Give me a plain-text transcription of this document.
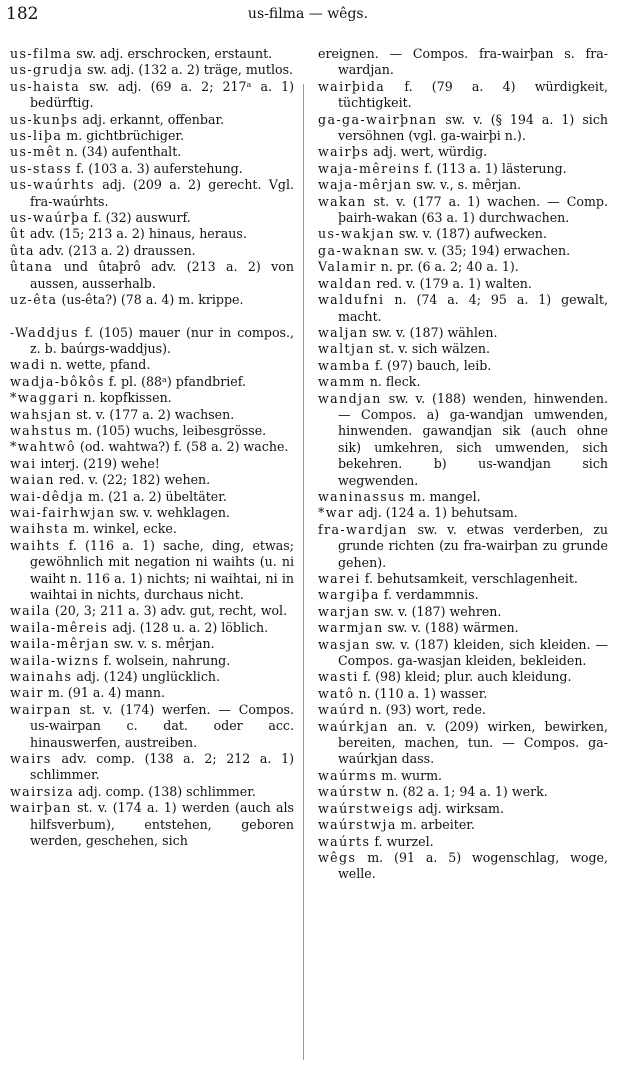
182	us-filma — wêgs.
us-filma sw. adj. erschrocken, erstaunt.
us-grudja sw. adj. (132 a. 2) träge, mutlos.
us-haista sw. adj. (69 a. 2; 217ᵃ a. 1) bedürftig.
us-kunþs adj. erkannt, offenbar.
us-liþa m. gichtbrüchiger.
us-mêt n. (34) aufenthalt.
us-stass f. (103 a. 3) auferstehung.
us-waúrhts adj. (209 a. 2) gerecht. Vgl. fra-waúrhts.
us-waúrþa f. (32) auswurf.
ût adv. (15; 213 a. 2) hinaus, heraus.
ûta adv. (213 a. 2) draussen.
ûtana und ûtaþrô adv. (213 a. 2) von aussen, ausserhalb.
uz-êta (us-êta?) (78 a. 4) m. krippe.
-Waddjus f. (105) mauer (nur in compos., z. b. baúrgs-waddjus).
wadi n. wette, pfand.
wadja-bôkôs f. pl. (88ᵃ) pfandbrief.
*waggari n. kopfkissen.
wahsjan st. v. (177 a. 2) wachsen.
wahstus m. (105) wuchs, leibesgrösse.
*wahtwô (od. wahtwa?) f. (58 a. 2) wache.
wai interj. (219) wehe!
waian red. v. (22; 182) wehen.
wai-dêdja m. (21 a. 2) übeltäter.
wai-fairhwjan sw. v. wehklagen.
waihsta m. winkel, ecke.
waihts f. (116 a. 1) sache, ding, etwas; gewöhnlich mit negation ni waihts (u. ni waiht n. 116 a. 1) nichts; ni waihtai, ni in waihtai in nichts, durchaus nicht.
waila (20, 3; 211 a. 3) adv. gut, recht, wol.
waila-mêreis adj. (128 u. a. 2) löblich.
waila-mêrjan sw. v. s. mêrjan.
waila-wizns f. wolsein, nahrung.
wainahs adj. (124) unglücklich.
wair m. (91 a. 4) mann.
wairpan st. v. (174) werfen. — Compos. us-wairpan c. dat. oder acc. hinauswerfen, austreiben.
wairs adv. comp. (138 a. 2; 212 a. 1) schlimmer.
wairsiza adj. comp. (138) schlimmer.
wairþan st. v. (174 a. 1) werden (auch als hilfsverbum), entstehen, geboren werden, geschehen, sich
ereignen. — Compos. fra-wairþan s. fra-wardjan.
wairþida f. (79 a. 4) würdigkeit, tüchtigkeit.
ga-ga-wairþnan sw. v. (§ 194 a. 1) sich versöhnen (vgl. ga-wairþi n.).
wairþs adj. wert, würdig.
waja-mêreins f. (113 a. 1) lästerung.
waja-mêrjan sw. v., s. mêrjan.
wakan st. v. (177 a. 1) wachen. — Comp. þairh-wakan (63 a. 1) durchwachen.
us-wakjan sw. v. (187) aufwecken.
ga-waknan sw. v. (35; 194) erwachen.
Valamir n. pr. (6 a. 2; 40 a. 1).
waldan red. v. (179 a. 1) walten.
waldufni n. (74 a. 4; 95 a. 1) gewalt, macht.
waljan sw. v. (187) wählen.
waltjan st. v. sich wälzen.
wamba f. (97) bauch, leib.
wamm n. fleck.
wandjan sw. v. (188) wenden, hinwenden. — Compos. a) ga-wandjan umwenden, hinwenden. gawandjan sik (auch ohne sik) umkehren, sich umwenden, sich bekehren. b) us-wandjan sich wegwenden.
waninassus m. mangel.
*war adj. (124 a. 1) behutsam.
fra-wardjan sw. v. etwas verderben, zu grunde richten (zu fra-wairþan zu grunde gehen).
warei f. behutsamkeit, verschlagenheit.
wargiþa f. verdammnis.
warjan sw. v. (187) wehren.
warmjan sw. v. (188) wärmen.
wasjan sw. v. (187) kleiden, sich kleiden. — Compos. ga-wasjan kleiden, bekleiden.
wasti f. (98) kleid; plur. auch kleidung.
watô n. (110 a. 1) wasser.
waúrd n. (93) wort, rede.
waúrkjan an. v. (209) wirken, bewirken, bereiten, machen, tun. — Compos. ga-waúrkjan dass.
waúrms m. wurm.
waúrstw n. (82 a. 1; 94 a. 1) werk.
waúrstweigs adj. wirksam.
waúrstwja m. arbeiter.
waúrts f. wurzel.
wêgs m. (91 a. 5) wogenschlag, woge, welle.
